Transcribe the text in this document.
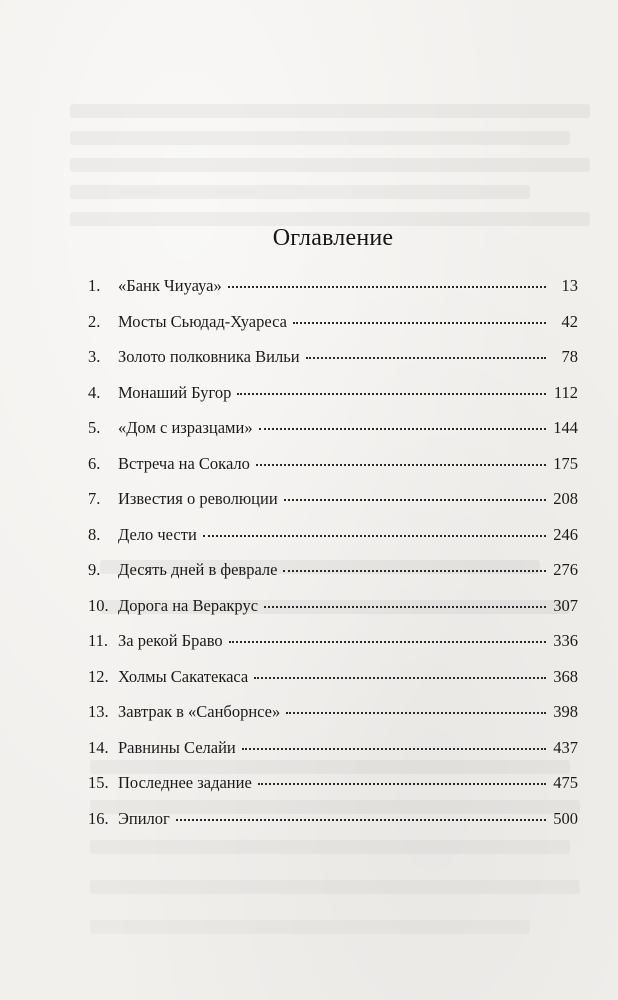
Оглавление
1.	«Банк Чиуауа»	13
2.	Мосты Сьюдад-Хуареса	42
3.	Золото полковника Вильи	78
4.	Монаший Бугор	112
5.	«Дом с изразцами»	144
6.	Встреча на Сокало	175
7.	Известия о революции	208
8.	Дело чести	246
9.	Десять дней в феврале	276
10. Дорога на Веракрус	307
11. За рекой Браво	336
12. Холмы Сакатекаса	368
13. Завтрак в «Санборнсе»	398
14. Равнины Селайи	437
15. Последнее задание	475
16. Эпилог	500
